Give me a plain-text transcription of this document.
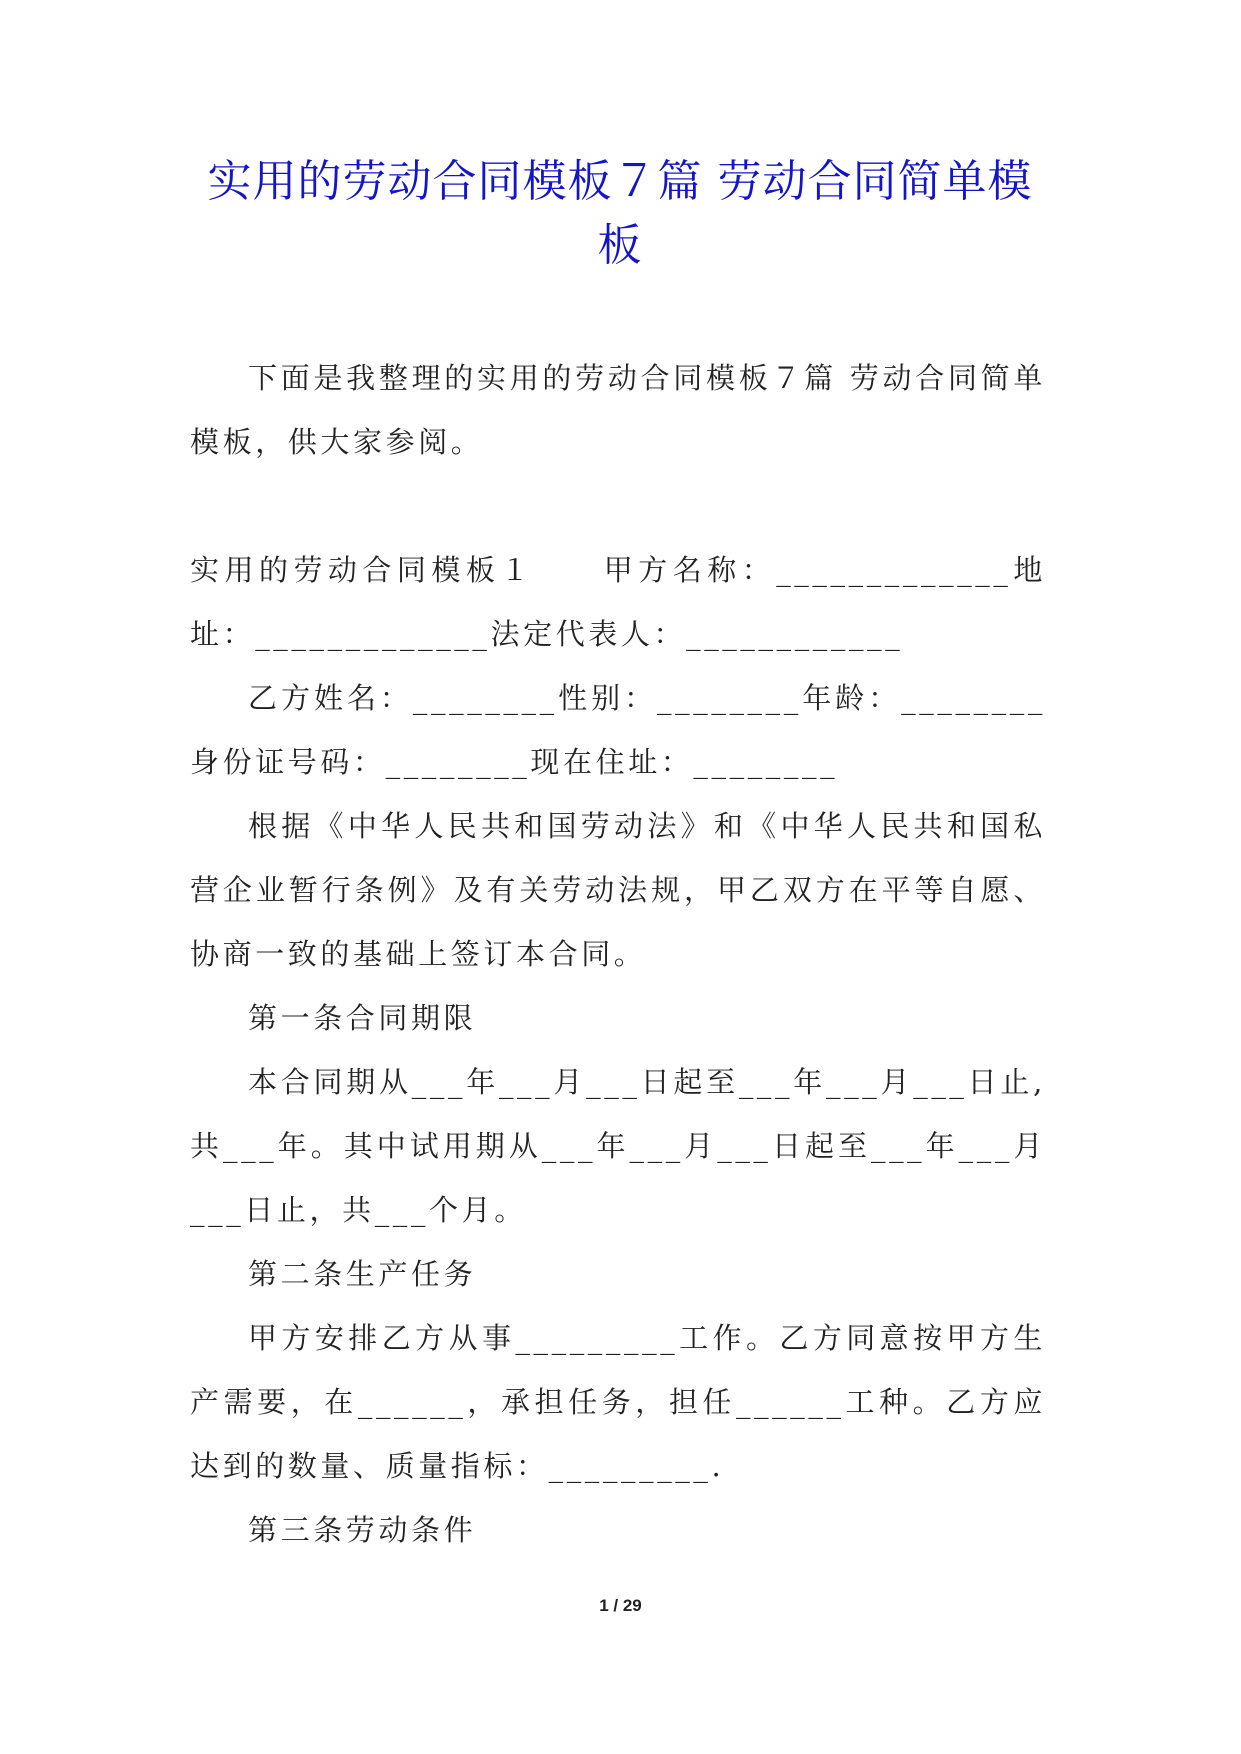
实用的劳动合同模板７篇 劳动合同简单模板

下面是我整理的实用的劳动合同模板７篇 劳动合同简单模板，供大家参阅。

实用的劳动合同模板１　　甲方名称：_____________地址：_____________法定代表人：____________

乙方姓名：________性别：________年龄：________身份证号码：________现在住址：________

根据《中华人民共和国劳动法》和《中华人民共和国私营企业暂行条例》及有关劳动法规，甲乙双方在平等自愿、协商一致的基础上签订本合同。

第一条合同期限

本合同期从___年___月___日起至___年___月___日止,共___年。其中试用期从___年___月___日起至___年___月___日止，共___个月。

第二条生产任务

甲方安排乙方从事_________工作。乙方同意按甲方生产需要，在______，承担任务，担任______工种。乙方应达到的数量、质量指标：_________.

第三条劳动条件

1 / 29
